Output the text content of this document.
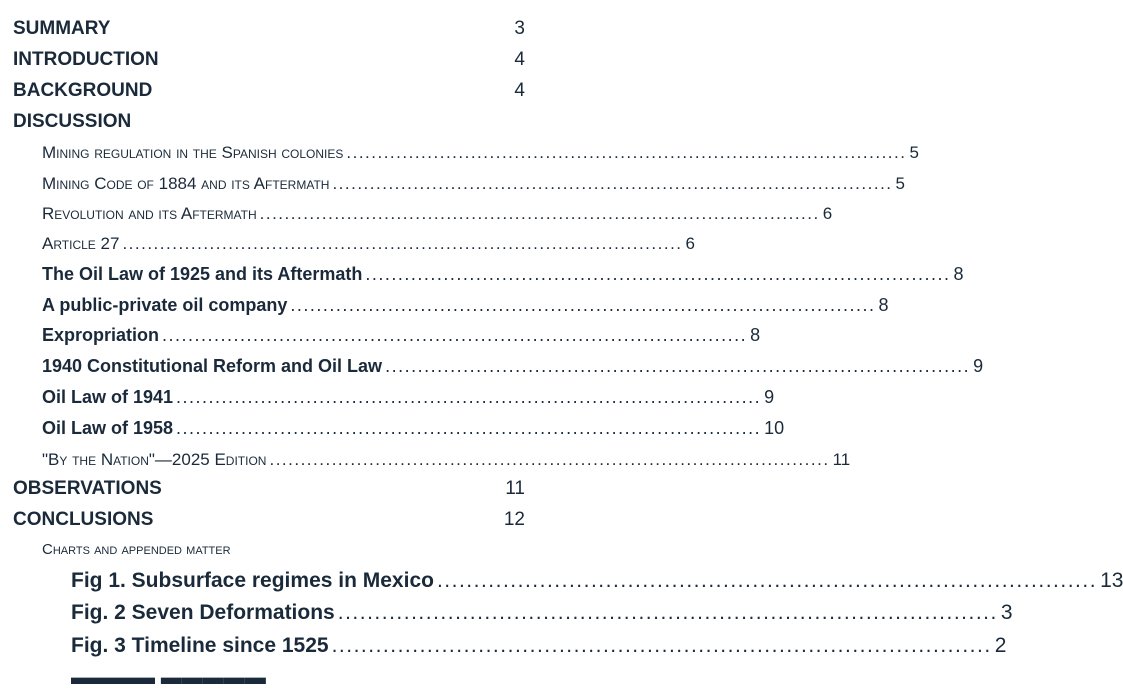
SUMMARY	3
INTRODUCTION	4
BACKGROUND	4
DISCUSSION
Mining regulation in the Spanish colonies .......................................................................................... 5
Mining Code of 1884 and its Aftermath .......................................................................................... 5
Revolution and its Aftermath .......................................................................................... 6
Article 27 .......................................................................................... 6
The Oil Law of 1925 and its Aftermath .......................................................................................... 8
A public-private oil company .......................................................................................... 8
Expropriation .......................................................................................... 8
1940 Constitutional Reform and Oil Law .......................................................................................... 9
Oil Law of 1941 .......................................................................................... 9
Oil Law of 1958 .......................................................................................... 10
"By the Nation"—2025 Edition .......................................................................................... 11
OBSERVATIONS	11
CONCLUSIONS	12
Charts and appended matter
Fig 1. Subsurface regimes in Mexico .......................................................................................... 13
Fig. 2 Seven Deformations .......................................................................................... 3
Fig. 3 Timeline since 1525 .......................................................................................... 2
▬▬▬▬ ▬▬▬▬▬
